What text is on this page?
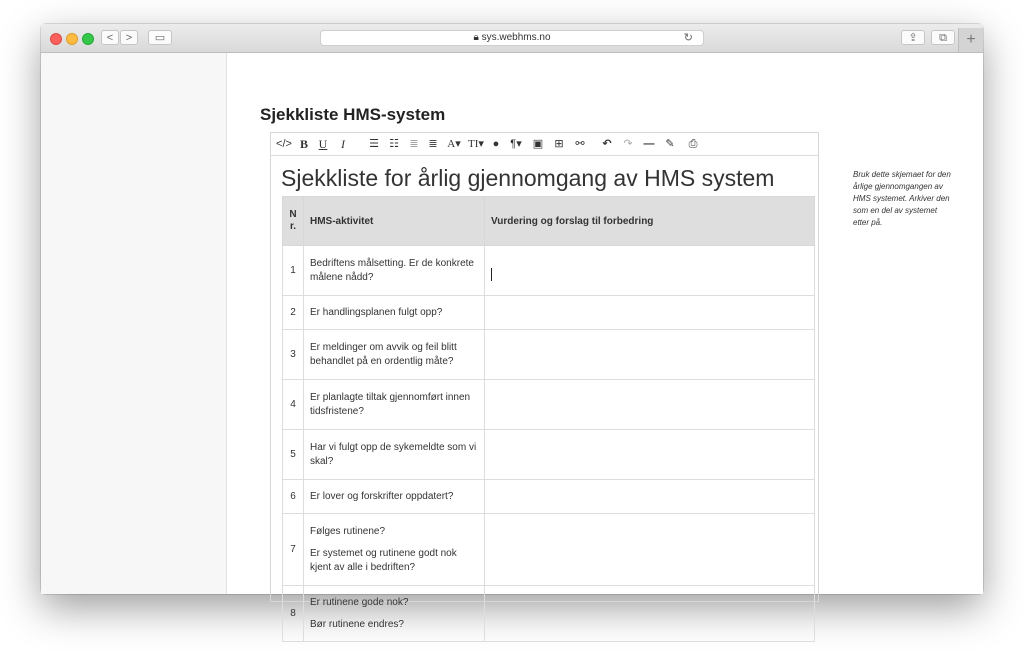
<	>	▭	🔒︎ sys.webhms.no	↻	⇪	⧉	+
Sjekkliste HMS-system
</> B U	I	☰ ☷ ≣ ≣ A▾ TI▾ ● ¶▾ ▣ ⊞ ⚯ ↶ ↷ — ✎ ⎙
Sjekkliste for årlig gjennomgang av HMS system
N r.	HMS-aktivitet	Vurdering og forslag til forbedring
1	Bedriftens målsetting. Er de konkrete målene nådd?	

2	Er handlingsplanen fulgt opp?	

3	Er meldinger om avvik og feil blitt behandlet på en ordentlig måte?	

4	Er planlagte tiltak gjennomført innen tidsfristene?	

5	Har vi fulgt opp de sykemeldte som vi skal?	

6	Er lover og forskrifter oppdatert?	

7	Følges rutinene?

Er systemet og rutinene godt nok kjent av alle i bedriften?	

8	Er rutinene gode nok?

Bør rutinene endres?	

Bruk dette skjemaet for den årlige gjennomgangen av HMS systemet. Arkiver den som en del av systemet etter på.
